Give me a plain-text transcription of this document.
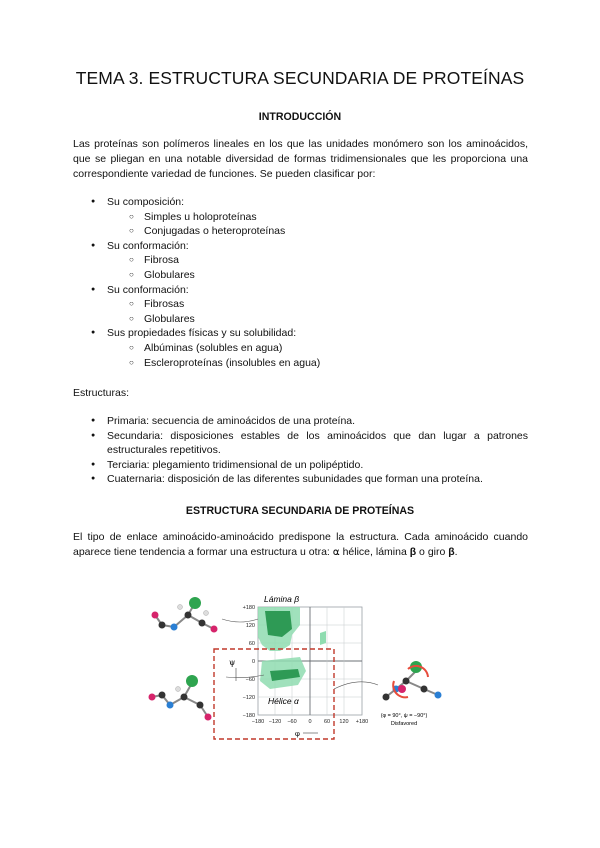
TEMA 3. ESTRUCTURA SECUNDARIA DE PROTEÍNAS
INTRODUCCIÓN

Las proteínas son polímeros lineales en los que las unidades monómero son los aminoácidos, que se pliegan en una notable diversidad de formas tridimensionales que les proporciona una correspondiente variedad de funciones. Se pueden clasificar por:

● Su composición:
○ Simples u holoproteínas
○ Conjugadas o heteroproteínas
● Su conformación:
○ Fibrosa
○ Globulares
● Su conformación:
○ Fibrosas
○ Globulares
● Sus propiedades físicas y su solubilidad:
○ Albúminas (solubles en agua)
○ Escleroproteínas (insolubles en agua)

Estructuras:

● Primaria: secuencia de aminoácidos de una proteína.
● Secundaria: disposiciones estables de los aminoácidos que dan lugar a patrones estructurales repetitivos.
● Terciaria: plegamiento tridimensional de un polipéptido.
● Cuaternaria: disposición de las diferentes subunidades que forman una proteína.
ESTRUCTURA SECUNDARIA DE PROTEÍNAS

El tipo de enlace aminoácido-aminoácido predispone la estructura. Cada aminoácido cuando aparece tiene tendencia a formar una estructura u otra: ⍺ hélice, lámina β o giro β.

Lámina β
Hélice α
ψ
φ
+180
120
60
0
−60
−120
−180
−180 −120 −60 0 60 120 +180
(φ = 90°, ψ = −90°)
Disfavored
